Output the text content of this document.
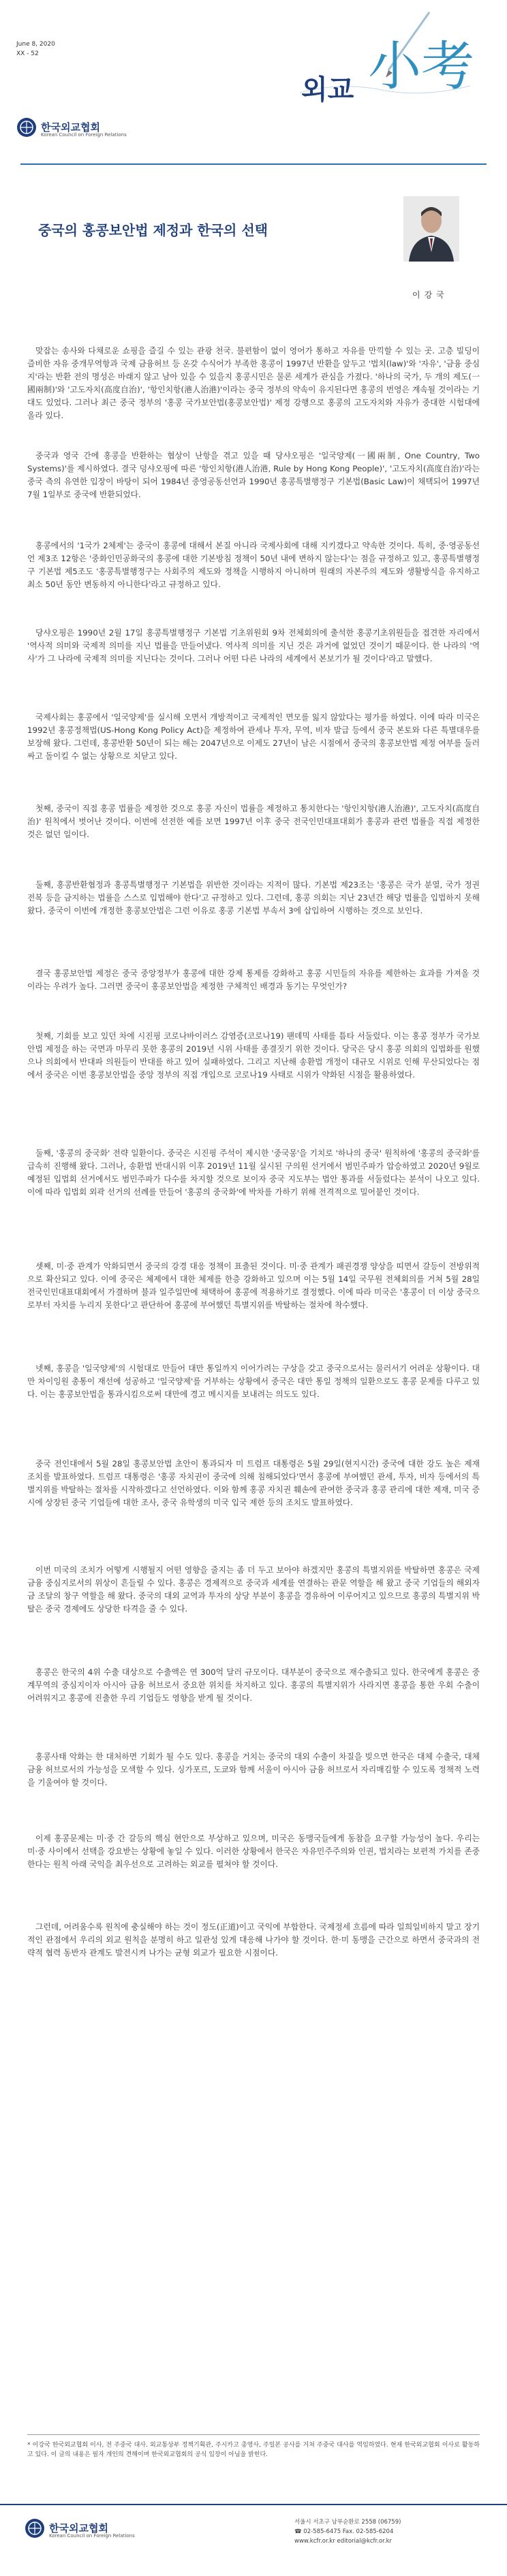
June 8, 2020
XX - 52
외교 小考
한국외교협회
Korean Council on Foreign Relations
중국의 홍콩보안법 제정과 한국의 선택
이강국

맞잡는 송사와 다채로운 쇼핑을 즐길 수 있는 관광 천국. 불편함이 없이 영어가 통하고 자유를 만끽할 수 있는 곳. 고층 빌딩이 즐비한 자유 중개무역항과 국제 금융허브 등 온갖 수식어가 부족한 홍콩이 1997년 반환을 앞두고 '법치(law)'와 '자유', '금융 중심지'라는 반환 전의 명성은 바래지 않고 남아 있을 수 있을지 홍콩시민은 물론 세계가 관심을 가졌다. '하나의 국가, 두 개의 제도(一國兩制)'와 '고도자치(高度自治)', '항인치항(港人治港)'이라는 중국 정부의 약속이 유지된다면 홍콩의 번영은 계속될 것이라는 기대도 있었다. 그러나 최근 중국 정부의 '홍콩 국가보안법(홍콩보안법)' 제정 강행으로 홍콩의 고도자치와 자유가 중대한 시험대에 올라 있다.

중국과 영국 간에 홍콩을 반환하는 협상이 난항을 겪고 있을 때 당샤오핑은 '일국양제(一國兩制, One Country, Two Systems)'를 제시하였다. 결국 덩샤오핑에 따른 '항인치항(港人治港, Rule by Hong Kong People)', '고도자치(高度自治)'라는 중국 측의 유연한 입장이 바탕이 되어 1984년 중영공동선언과 1990년 홍콩특별행정구 기본법(Basic Law)이 채택되어 1997년 7월 1일부로 중국에 반환되었다.

홍콩에서의 '1국가 2체제'는 중국이 홍콩에 대해서 본질 아니라 국제사회에 대해 지키겠다고 약속한 것이다. 특히, 중·영공동선언 제3조 12항은 '중화인민공화국의 홍콩에 대한 기본방침 정책이 50년 내에 변하지 않는다'는 점을 규정하고 있고, 홍콩특별행정구 기본법 제5조도 '홍콩특별행정구는 사회주의 제도와 정책을 시행하지 아니하며 원래의 자본주의 제도와 생활방식을 유지하고 최소 50년 동안 변동하지 아니한다'라고 규정하고 있다.

당샤오핑은 1990년 2월 17일 홍콩특별행정구 기본법 기초위원회 9차 전체회의에 출석한 홍콩기초위원들을 접견한 자리에서 '역사적 의미와 국제적 의미를 지닌 법률을 만들어냈다. 역사적 의미를 지닌 것은 과거에 없었던 것이기 때문이다. 한 나라의 '역사'가 그 나라에 국제적 의미를 지닌다는 것이다. 그러나 어떤 다른 나라의 세계에서 본보기가 될 것이다'라고 말했다.

국제사회는 홍콩에서 '일국양제'를 실시해 오면서 개방적이고 국제적인 면모를 잃지 않았다는 평가를 하였다. 이에 따라 미국은 1992년 홍콩정책법(US-Hong Kong Policy Act)을 제정하여 관세나 투자, 무역, 비자 발급 등에서 중국 본토와 다른 특별대우를 보장해 왔다. 그런데, 홍콩반환 50년이 되는 해는 2047년으로 이제도 27년이 남은 시점에서 중국의 홍콩보안법 제정 여부를 둘러싸고 돌이킬 수 없는 상황으로 치닫고 있다.

첫째, 중국이 직접 홍콩 법률을 제정한 것으로 홍콩 자신이 법률을 제정하고 통치한다는 '항인치항(港人治港)', 고도자치(高度自治)' 원칙에서 벗어난 것이다. 이번에 선전한 예를 보면 1997년 이후 중국 전국인민대표대회가 홍콩과 관련 법률을 직접 제정한 것은 없던 일이다.

둘째, 홍콩반환협정과 홍콩특별행정구 기본법을 위반한 것이라는 지적이 많다. 기본법 제23조는 '홍콩은 국가 분열, 국가 정권 전복 등을 금지하는 법률을 스스로 입법해야 한다'고 규정하고 있다. 그런데, 홍콩 의회는 지난 23년간 해당 법률을 입법하지 못해 왔다. 중국이 이번에 개정한 홍콩보안법은 그런 이유로 홍콩 기본법 부속서 3에 삽입하여 시행하는 것으로 보인다.

결국 홍콩보안법 제정은 중국 중앙정부가 홍콩에 대한 강제 통제를 강화하고 홍콩 시민들의 자유를 제한하는 효과를 가져올 것이라는 우려가 높다. 그러면 중국이 홍콩보안법을 제정한 구체적인 배경과 동기는 무엇인가?

첫째, 기회를 보고 있던 차에 시진핑 코로나바이러스 감염증(코로나19) 팬데믹 사태를 틈타 서둘렀다. 이는 홍콩 정부가 국가보안법 제정을 하는 국면과 마무리 못한 홍콩의 2019년 시위 사태를 종결짓기 위한 것이다. 당국은 당시 홍콩 의회의 입법화를 원했으나 의회에서 반대파 의원들이 반대를 하고 있어 실패하였다. 그리고 지난해 송환법 개정이 대규모 시위로 인해 무산되었다는 점에서 중국은 이번 홍콩보안법을 중앙 정부의 직접 개입으로 코로나19 사태로 시위가 약화된 시점을 활용하였다.

둘째, '홍콩의 중국화' 전략 일환이다. 중국은 시진핑 주석이 제시한 '중국몽'을 기치로 '하나의 중국' 원칙하에 '홍콩의 중국화'를 급속히 진행해 왔다. 그러나, 송환법 반대시위 이후 2019년 11월 실시된 구의원 선거에서 범민주파가 압승하였고 2020년 9월로 예정된 입법회 선거에서도 범민주파가 다수를 차지할 것으로 보이자 중국 지도부는 법안 통과를 서둘렀다는 분석이 나오고 있다. 이에 따라 입법회 외곽 선거의 선례를 만들어 '홍콩의 중국화'에 박차를 가하기 위해 전격적으로 밀어붙인 것이다.

셋째, 미·중 관계가 악화되면서 중국의 강경 대응 정책이 표출된 것이다. 미·중 관계가 패권경쟁 양상을 띠면서 갈등이 전방위적으로 확산되고 있다. 이에 중국은 체제에서 대한 체제를 한층 강화하고 있으며 이는 5월 14일 국무원 전체회의를 거쳐 5월 28일 전국인민대표대회에서 가결하며 불과 일주일만에 채택하여 홍콩에 적용하기로 결정했다. 이에 따라 미국은 '홍콩이 더 이상 중국으로부터 자치를 누리지 못한다'고 판단하여 홍콩에 부여했던 특별지위를 박탈하는 절차에 착수했다.

넷째, 홍콩을 '일국양제'의 시험대로 만들어 대만 통일까지 이어가려는 구상을 갖고 중국으로서는 물러서기 어려운 상황이다. 대만 차이잉원 총통이 재선에 성공하고 '일국양제'를 거부하는 상황에서 중국은 대만 통일 정책의 일환으로도 홍콩 문제를 다루고 있다. 이는 홍콩보안법을 통과시킴으로써 대만에 경고 메시지를 보내려는 의도도 있다.

중국 전인대에서 5월 28일 홍콩보안법 초안이 통과되자 미 트럼프 대통령은 5월 29일(현지시간) 중국에 대한 강도 높은 제재 조치를 발표하였다. 트럼프 대통령은 '홍콩 자치권이 중국에 의해 침해되었다'면서 홍콩에 부여했던 관세, 투자, 비자 등에서의 특별지위를 박탈하는 절차를 시작하겠다고 선언하였다. 이와 함께 홍콩 자치권 훼손에 관여한 중국과 홍콩 관리에 대한 제재, 미국 증시에 상장된 중국 기업들에 대한 조사, 중국 유학생의 미국 입국 제한 등의 조치도 발표하였다.

이번 미국의 조치가 어떻게 시행될지 어떤 영향을 줄지는 좀 더 두고 보아야 하겠지만 홍콩의 특별지위를 박탈하면 홍콩은 국제금융 중심지로서의 위상이 흔들릴 수 있다. 홍콩은 경제적으로 중국과 세계를 연결하는 관문 역할을 해 왔고 중국 기업들의 해외자금 조달의 창구 역할을 해 왔다. 중국의 대외 교역과 투자의 상당 부분이 홍콩을 경유하여 이루어지고 있으므로 홍콩의 특별지위 박탈은 중국 경제에도 상당한 타격을 줄 수 있다.

홍콩은 한국의 4위 수출 대상으로 수출액은 연 300억 달러 규모이다. 대부분이 중국으로 재수출되고 있다. 한국에게 홍콩은 중계무역의 중심지이자 아시아 금융 허브로서 중요한 위치를 차지하고 있다. 홍콩의 특별지위가 사라지면 홍콩을 통한 우회 수출이 어려워지고 홍콩에 진출한 우리 기업들도 영향을 받게 될 것이다.

홍콩사태 악화는 한 대처하면 기회가 될 수도 있다. 홍콩을 거치는 중국의 대외 수출이 차질을 빚으면 한국은 대체 수출국, 대체 금융 허브로서의 가능성을 모색할 수 있다. 싱가포르, 도쿄와 함께 서울이 아시아 금융 허브로서 자리매김할 수 있도록 정책적 노력을 기울여야 할 것이다.

이제 홍콩문제는 미·중 간 갈등의 핵심 현안으로 부상하고 있으며, 미국은 동맹국들에게 동참을 요구할 가능성이 높다. 우리는 미·중 사이에서 선택을 강요받는 상황에 놓일 수 있다. 이러한 상황에서 한국은 자유민주주의와 인권, 법치라는 보편적 가치를 존중한다는 원칙 아래 국익을 최우선으로 고려하는 외교를 펼쳐야 할 것이다.

그런데, 어려움수록 원칙에 충실해야 하는 것이 정도(正道)이고 국익에 부합한다. 국제정세 흐름에 따라 일희일비하지 말고 장기적인 관점에서 우리의 외교 원칙을 분명히 하고 일관성 있게 대응해 나가야 할 것이다. 한·미 동맹을 근간으로 하면서 중국과의 전략적 협력 동반자 관계도 발전시켜 나가는 균형 외교가 필요한 시점이다.

* 이강국 한국외교협회 이사, 전 주중국 대사. 외교통상부 정책기획관, 주시카고 총영사, 주일본 공사를 거쳐 주중국 대사를 역임하였다. 현재 한국외교협회 이사로 활동하고 있다. 이 글의 내용은 필자 개인의 견해이며 한국외교협회의 공식 입장이 아님을 밝힌다.

한국외교협회
Korean Council on Foreign Relations
서울시 서초구 남부순환로 2558 (06759)
☎ 02-585-6475 Fax. 02-585-6204
www.kcfr.or.kr editorial@kcfr.or.kr
